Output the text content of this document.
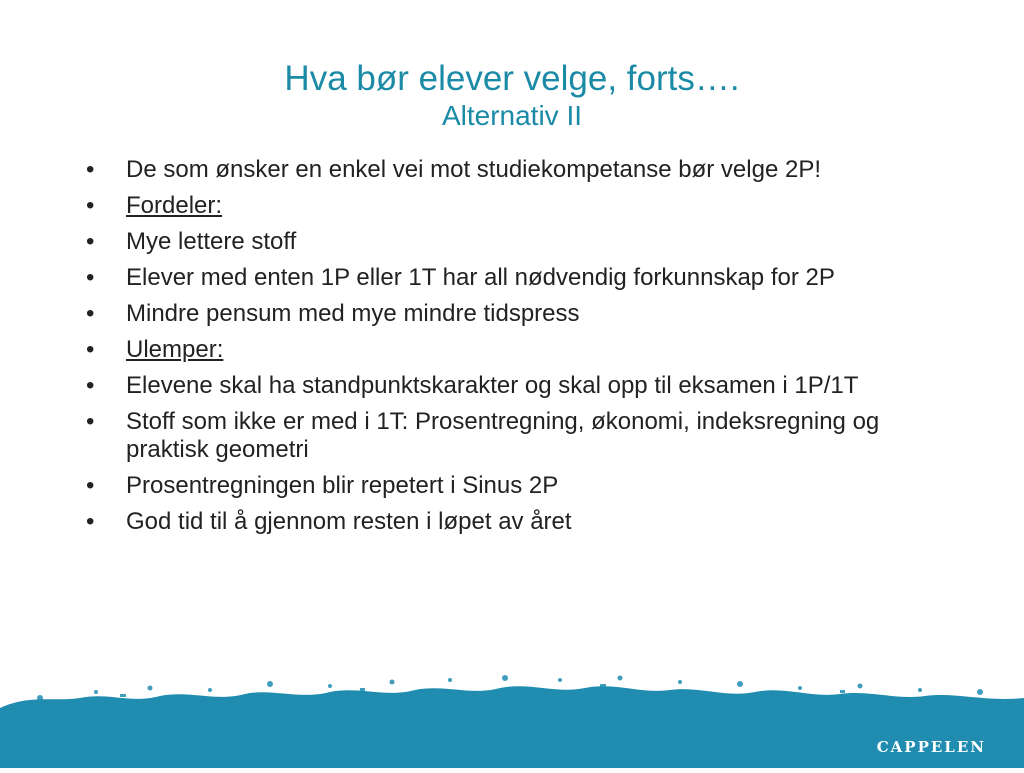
Hva bør elever velge, forts….
Alternativ II
•	De som ønsker en enkel vei mot studiekompetanse bør velge 2P!
•	Fordeler:
•	Mye lettere stoff
•	Elever med enten 1P eller 1T har all nødvendig forkunnskap for 2P
•	Mindre pensum med mye mindre tidspress
•	Ulemper:
•	Elevene skal ha standpunktskarakter og skal opp til eksamen i 1P/1T
•	Stoff som ikke er med i 1T: Prosentregning, økonomi, indeksregning og praktisk geometri
•	Prosentregningen blir repetert i Sinus 2P
•	God tid til å gjennom resten i løpet av året
CAPPELEN
